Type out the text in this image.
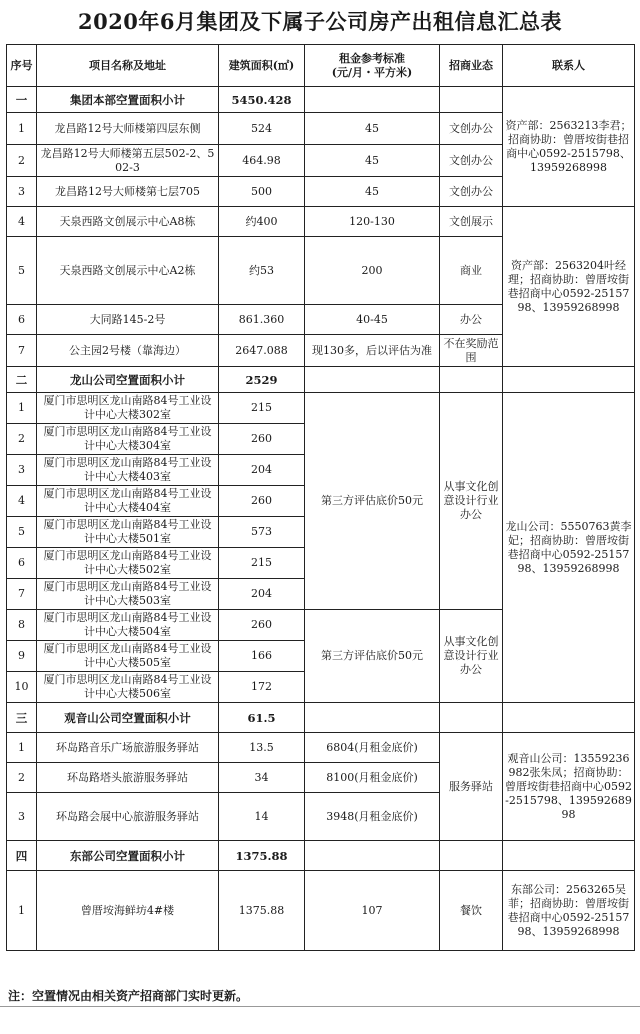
2020年6月集团及下属子公司房产出租信息汇总表
序号	项目名称及地址	建筑面积(㎡)	租金参考标准
(元/月・平方米)	招商业态	联系人
一	集团本部空置面积小计	5450.428			资产部：2563213李君；招商协助：曾厝垵街巷招商中心0592-2515798、13959268998
1	龙昌路12号大师楼第四层东侧	524	45	文创办公	
2	龙昌路12号大师楼第五层502-2、502-3	464.98	45	文创办公	
3	龙昌路12号大师楼第七层705	500	45	文创办公	
4	天泉西路文创展示中心A8栋	约400	120-130	文创展示	资产部：2563204叶经理；招商协助：曾厝垵街巷招商中心0592-2515798、13959268998
5	天泉西路文创展示中心A2栋	约53	200	商业	
6	大同路145-2号	861.360	40-45	办公	
7	公主园2号楼（靠海边）	2647.088	现130多，后以评估为准	不在奖励范围	
二	龙山公司空置面积小计	2529			
1	厦门市思明区龙山南路84号工业设计中心大楼302室	215	第三方评估底价50元	从事文化创意设计行业办公	龙山公司：5550763黄李妃；招商协助：曾厝垵街巷招商中心0592-2515798、13959268998
2	厦门市思明区龙山南路84号工业设计中心大楼304室	260			
3	厦门市思明区龙山南路84号工业设计中心大楼403室	204			
4	厦门市思明区龙山南路84号工业设计中心大楼404室	260			
5	厦门市思明区龙山南路84号工业设计中心大楼501室	573			
6	厦门市思明区龙山南路84号工业设计中心大楼502室	215			
7	厦门市思明区龙山南路84号工业设计中心大楼503室	204			
8	厦门市思明区龙山南路84号工业设计中心大楼504室	260	第三方评估底价50元	从事文化创意设计行业办公	
9	厦门市思明区龙山南路84号工业设计中心大楼505室	166			
10	厦门市思明区龙山南路84号工业设计中心大楼506室	172			
三	观音山公司空置面积小计	61.5			
1	环岛路音乐广场旅游服务驿站	13.5	6804(月租金底价)	服务驿站	观音山公司：13559236982张朱凤；招商协助：曾厝垵街巷招商中心0592-2515798、13959268998
2	环岛路塔头旅游服务驿站	34	8100(月租金底价)		
3	环岛路会展中心旅游服务驿站	14	3948(月租金底价)		
四	东部公司空置面积小计	1375.88			
1	曾厝垵海鲜坊4#楼	1375.88	107	餐饮	东部公司：2563265吴菲；招商协助：曾厝垵街巷招商中心0592-2515798、13959268998
注：空置情况由相关资产招商部门实时更新。
